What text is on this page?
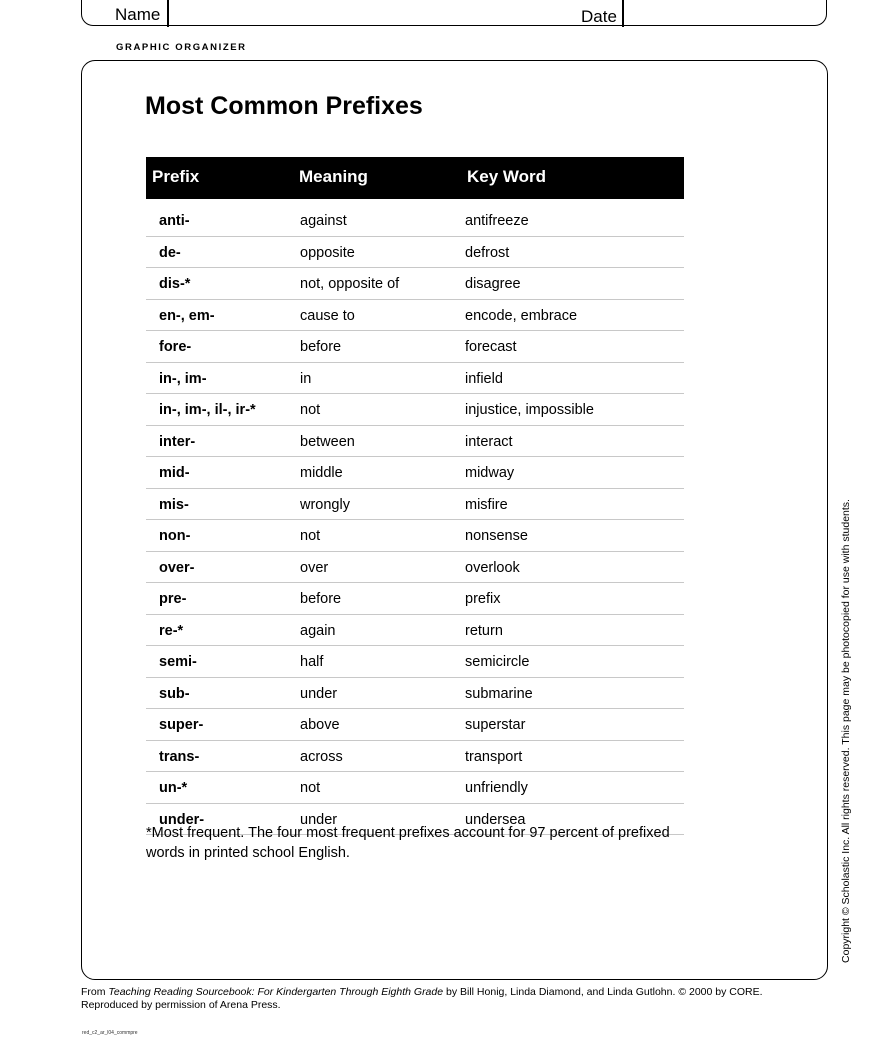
Name	Date
GRAPHIC ORGANIZER
Most Common Prefixes
Prefix	Meaning	Key Word
anti-	against	antifreeze
de-	opposite	defrost
dis-*	not, opposite of	disagree
en-, em-	cause to	encode, embrace
fore-	before	forecast
in-, im-	in	infield
in-, im-, il-, ir-*	not	injustice, impossible
inter-	between	interact
mid-	middle	midway
mis-	wrongly	misfire
non-	not	nonsense
over-	over	overlook
pre-	before	prefix
re-*	again	return
semi-	half	semicircle
sub-	under	submarine
super-	above	superstar
trans-	across	transport
un-*	not	unfriendly
under-	under	undersea
*Most frequent. The four most frequent prefixes account for 97 percent of prefixed words in printed school English.	Copyright © Scholastic Inc. All rights reserved. This page may be photocopied for use with students.
From Teaching Reading Sourcebook: For Kindergarten Through Eighth Grade by Bill Honig, Linda Diamond, and Linda Gutlohn. © 2000 by CORE.
Reproduced by permission of Arena Press.
red_c2_ar_l04_commpre
